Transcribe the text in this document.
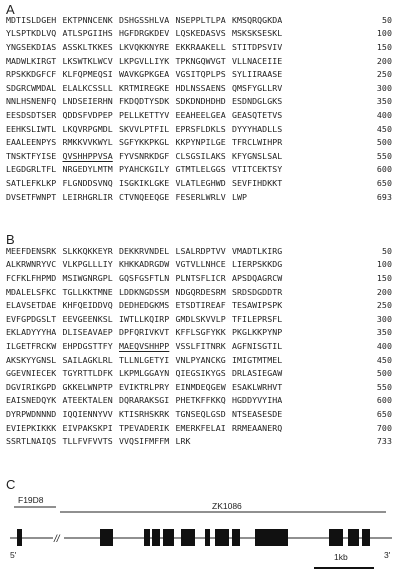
A
MDTISLDGEH EKTPNNCENK DSHGSSHLVA NSEPPLTLPA KMSQRQGKDA	50
YLSPTKDLVQ ATLSPGIIHS HGFDRGKDEV LQSKEDASVS MSKSKSESKL	100
YNGSEKDIAS ASSKLTKKES LKVQKKNYRE EKKRAAKELL STITDPSVIV	150
MADWLKIRGT LKSWTKLWCV LKPGVLLIYK TPKNGQWVGT VLLNACEIIE	200
RPSKKDGFCF KLFQPMEQSI WAVKGPKGEA VGSITQPLPS SYLIIRAASE	250
SDGRCWMDAL ELALKCSSLL KRTMIREGKE HDLNSSAENS QMSFYGLLRV	300
NNLHSNENFQ LNDSEIERHN FKDQDTYSDK SDKDNDHDHD ESDNDGLGKS	350
EESDSDTSER QDDSFVDPEP PELLKETTYV EEAHEELGEA GEASQTETVS	400
EEHKSLIWTL LKQVRPGMDL SKVVLPTFIL EPRSFLDKLS DYYYHADLLS	450
EAALEENPYS RMKKVVKWYL SGFYKKPKGL KKPYNPILGE TFRCLWIHPR	500
TNSKTFYISE QVSHHPPVSA FYVSNRKDGF CLSGSILAKS KFYGNSLSAL	550
LEGDGRLTFL NRGEDYLMTM PYAHCKGILY GTMTLELGGS VTITCEKTSY	600
SATLEFKLKP FLGNDDSVNQ ISGKIKLGKE VLATLEGHWD SEVFIHDKKT	650
DVSETFWNPT LEIRHGRLIR CTVNQEEQGE FESERLWRLV LWP	693
B
MEEFDENSRK SLKKQKKEYR DEKKRVNDEL LSALRDPTVV VMADTLKIRG	50
ALKRWNRYVC VLKPGLLLIY KHKKADRGDW VGTVLLNHCE LIERPSKKDG	100
FCFKLFHPMD MSIWGNRGPL GQSFGSFTLN PLNTSFLICR APSDQAGRCW	150
MDALELSFKC TGLLKKTMNE LDDKNGDSSM NDGQRDESRM SRDSDGDDTR	200
ELAVSETDAE KHFQEIDDVQ DEDHEDGKMS ETSDTIREAF TESAWIPSPK	250
EVFGPDGSLT EEVGEENKSL IWTLLKQIRP GMDLSKVVLP TFILEPRSFL	300
EKLADYYYHA DLISEAVAEP DPFQRIVKVT KFFLSGFYKK PKGLKKPYNP	350
ILGETFRCKW EHPDGSTTFY MAEQVSHHPP VSSLFITNRK AGFNISGTIL	400
AKSKYYGNSL SAILAGKLRL TLLNLGETYI VNLPYANCKG IMIGTMTMEL	450
GGEVNIECEK TGYRTTLDFK LKPMLGGAYN QIEGSIKYGS DRLASIEGAW	500
DGVIRIKGPD GKKELWNPTP EVIKTRLPRY EINMDEQGEW ESAKLWRHVT	550
EAISNEDQYK ATEEKTALEN DQRARAKSGI PHETKFFKKQ HGDDYVYIHA	600
DYRPWDNNND IQQIENNYVV KTISRHSKRK TGNSEQLGSD NTSEASESDE	650
EVIEPKIKKK EIVPAKSKPI TPEVADERIK EMERKFELAI RRMEAANERQ	700
SSRTLNAIQS TLLFVFVVTS VVQSIFMFFM LRK	733
C
F19D8
ZK1086
//
5'	3'
1kb
